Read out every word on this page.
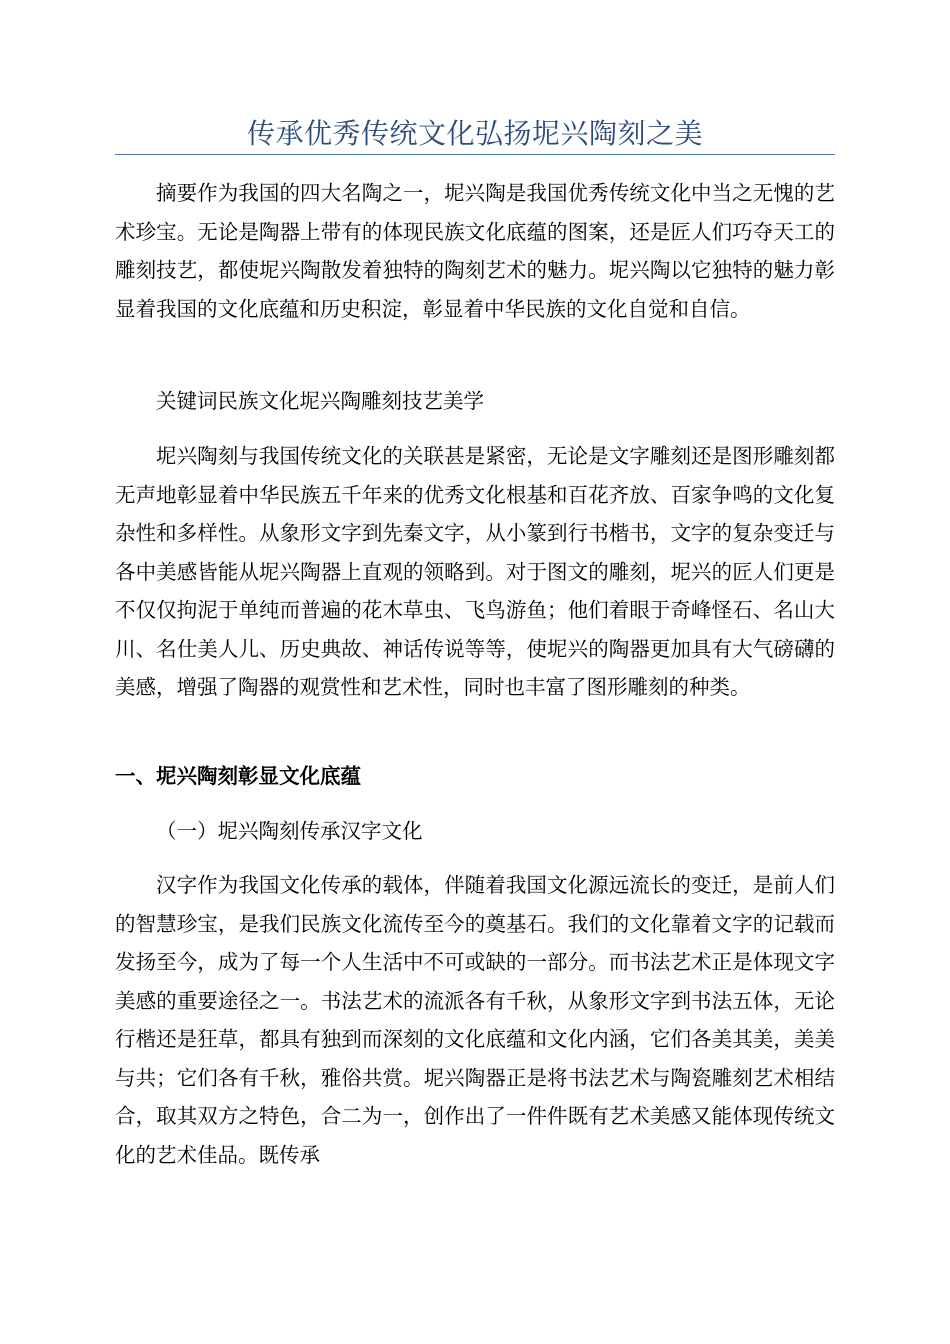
传承优秀传统文化弘扬坭兴陶刻之美

摘要作为我国的四大名陶之一，坭兴陶是我国优秀传统文化中当之无愧的艺术珍宝。无论是陶器上带有的体现民族文化底蕴的图案，还是匠人们巧夺天工的雕刻技艺，都使坭兴陶散发着独特的陶刻艺术的魅力。坭兴陶以它独特的魅力彰显着我国的文化底蕴和历史积淀，彰显着中华民族的文化自觉和自信。

关键词民族文化坭兴陶雕刻技艺美学

坭兴陶刻与我国传统文化的关联甚是紧密，无论是文字雕刻还是图形雕刻都无声地彰显着中华民族五千年来的优秀文化根基和百花齐放、百家争鸣的文化复杂性和多样性。从象形文字到先秦文字，从小篆到行书楷书，文字的复杂变迁与各中美感皆能从坭兴陶器上直观的领略到。对于图文的雕刻，坭兴的匠人们更是不仅仅拘泥于单纯而普遍的花木草虫、飞鸟游鱼；他们着眼于奇峰怪石、名山大川、名仕美人儿、历史典故、神话传说等等，使坭兴的陶器更加具有大气磅礴的美感，增强了陶器的观赏性和艺术性，同时也丰富了图形雕刻的种类。

一、坭兴陶刻彰显文化底蕴

（一）坭兴陶刻传承汉字文化

汉字作为我国文化传承的载体，伴随着我国文化源远流长的变迁，是前人们的智慧珍宝，是我们民族文化流传至今的奠基石。我们的文化靠着文字的记载而发扬至今，成为了每一个人生活中不可或缺的一部分。而书法艺术正是体现文字美感的重要途径之一。书法艺术的流派各有千秋，从象形文字到书法五体，无论行楷还是狂草，都具有独到而深刻的文化底蕴和文化内涵，它们各美其美，美美与共；它们各有千秋，雅俗共赏。坭兴陶器正是将书法艺术与陶瓷雕刻艺术相结合，取其双方之特色，合二为一，创作出了一件件既有艺术美感又能体现传统文化的艺术佳品。既传承
